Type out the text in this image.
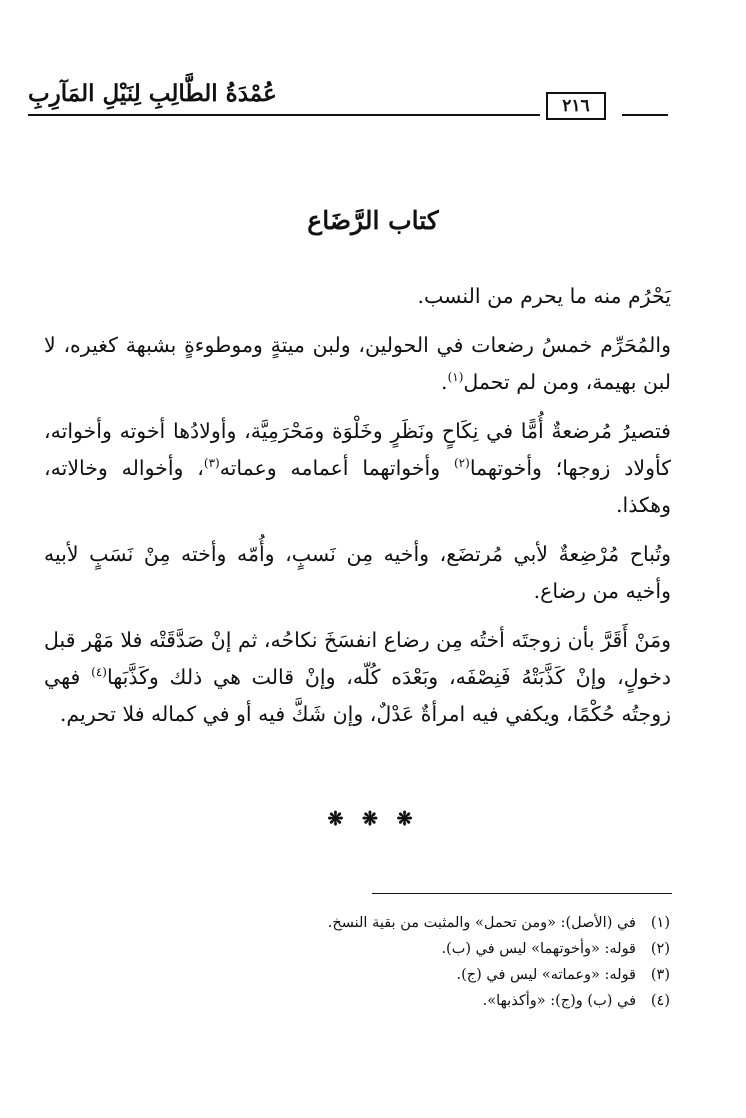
عُمْدَةُ الطَّالِبِ لِنَيْلِ المَآرِبِ	٢١٦
كتاب الرَّضَاع

يَحْرُم منه ما يحرم من النسب.

والمُحَرِّم خمسُ رضعات في الحولين، ولبن ميتةٍ وموطوءةٍ بشبهة كغيره، لا لبن بهيمة، ومن لم تحمل$^{(١)}$.

فتصيرُ مُرضعةٌ أُمًّا في نِكَاحٍ ونَظَرٍ وخَلْوَة ومَحْرَمِيَّة، وأولادُها أخوته وأخواته، كأولاد زوجها؛ وأخوتهما$^{(٢)}$ وأخواتهما أعمامه وعماته$^{(٣)}$، وأخواله وخالاته، وهكذا.

وتُباح مُرْضِعةٌ لأبي مُرتضَع، وأخيه مِن نَسبٍ، وأُمّه وأخته مِنْ نَسَبٍ لأبيه وأخيه من رضاع.

ومَنْ أَقَرَّ بأن زوجتَه أختُه مِن رضاع انفسَخَ نكاحُه، ثم إنْ صَدَّقَتْه فلا مَهْر قبل دخولٍ، وإنْ كَذَّبَتْهُ فَنِصْفَه، وبَعْدَه كُلّه، وإنْ قالت هي ذلك وكَذَّبَها$^{(٤)}$ فهي زوجتُه حُكْمًا، ويكفي فيه امرأةٌ عَدْلٌ، وإن شَكَّ فيه أو في كماله فلا تحريم.

❋ ❋ ❋
(١)في (الأصل): «ومن تحمل» والمثبت من بقية النسخ.
(٢)قوله: «وأخوتهما» ليس في (ب).
(٣)قوله: «وعماته» ليس في (ج).
(٤)في (ب) و(ج): «وأكذبها».
